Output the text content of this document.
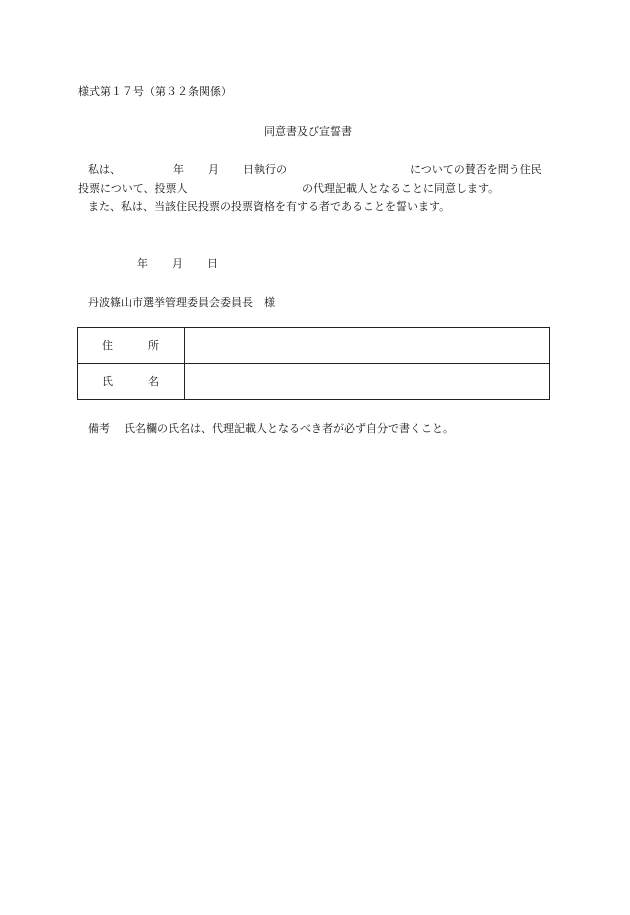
様式第１７号（第３２条関係）
同意書及び宣誓書
私は、	年 月 日執行の	についての賛否を問う住民
投票について、投票人	の代理記載人となることに同意します。
また、私は、当該住民投票の投票資格を有する者であることを誓います。
年 月 日
丹波篠山市選挙管理委員会委員長　様
住 所	

氏 名	

備考 氏名欄の氏名は、代理記載人となるべき者が必ず自分で書くこと。
